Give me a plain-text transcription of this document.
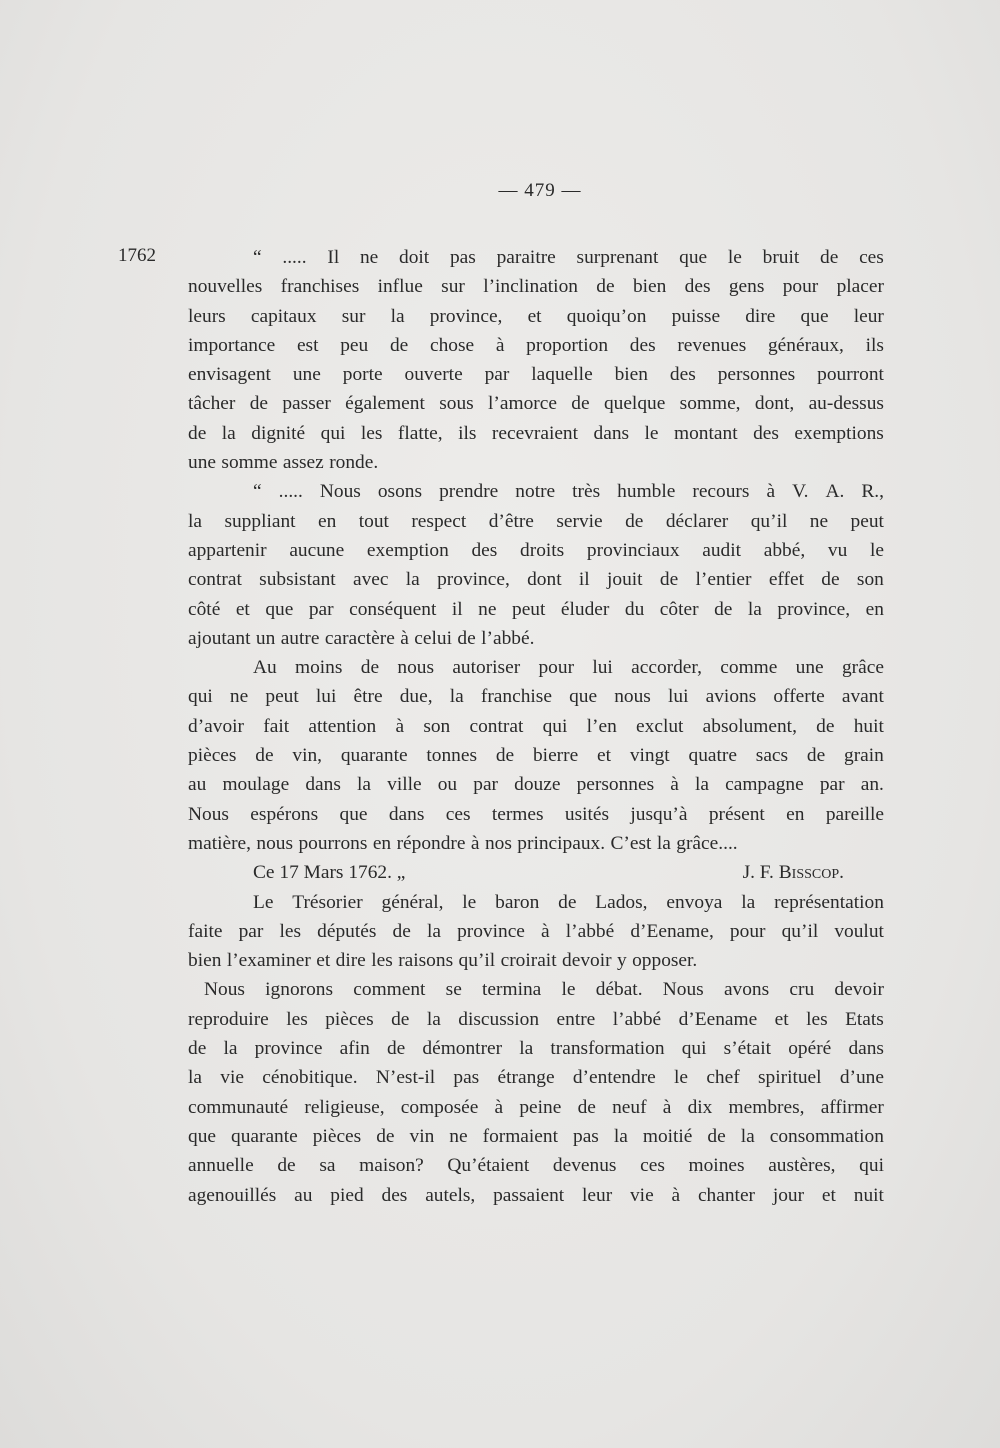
— 479 —
1762	“ ..... Il ne doit pas paraitre surprenant que le bruit de ces
nouvelles franchises influe sur l’inclination de bien des gens pour placer
leurs capitaux sur la province, et quoiqu’on puisse dire que leur
importance est peu de chose à proportion des revenues généraux, ils
envisagent une porte ouverte par laquelle bien des personnes pourront
tâcher de passer également sous l’amorce de quelque somme, dont, au-dessus
de la dignité qui les flatte, ils recevraient dans le montant des exemptions
une somme assez ronde.
“ ..... Nous osons prendre notre très humble recours à V. A. R.,
la suppliant en tout respect d’être servie de déclarer qu’il ne peut
appartenir aucune exemption des droits provinciaux audit abbé, vu le
contrat subsistant avec la province, dont il jouit de l’entier effet de son
côté et que par conséquent il ne peut éluder du côter de la province, en
ajoutant un autre caractère à celui de l’abbé.
Au moins de nous autoriser pour lui accorder, comme une grâce
qui ne peut lui être due, la franchise que nous lui avions offerte avant
d’avoir fait attention à son contrat qui l’en exclut absolument, de huit
pièces de vin, quarante tonnes de bierre et vingt quatre sacs de grain
au moulage dans la ville ou par douze personnes à la campagne par an.
Nous espérons que dans ces termes usités jusqu’à présent en pareille
matière, nous pourrons en répondre à nos principaux. C’est la grâce....
Ce 17 Mars 1762. „	J. F. Bisscop.
Le Trésorier général, le baron de Lados, envoya la représentation
faite par les députés de la province à l’abbé d’Eename, pour qu’il voulut
bien l’examiner et dire les raisons qu’il croirait devoir y opposer.
Nous ignorons comment se termina le débat. Nous avons cru devoir
reproduire les pièces de la discussion entre l’abbé d’Eename et les Etats
de la province afin de démontrer la transformation qui s’était opéré dans
la vie cénobitique. N’est-il pas étrange d’entendre le chef spirituel d’une
communauté religieuse, composée à peine de neuf à dix membres, affirmer
que quarante pièces de vin ne formaient pas la moitié de la consommation
annuelle de sa maison? Qu’étaient devenus ces moines austères, qui
agenouillés au pied des autels, passaient leur vie à chanter jour et nuit
